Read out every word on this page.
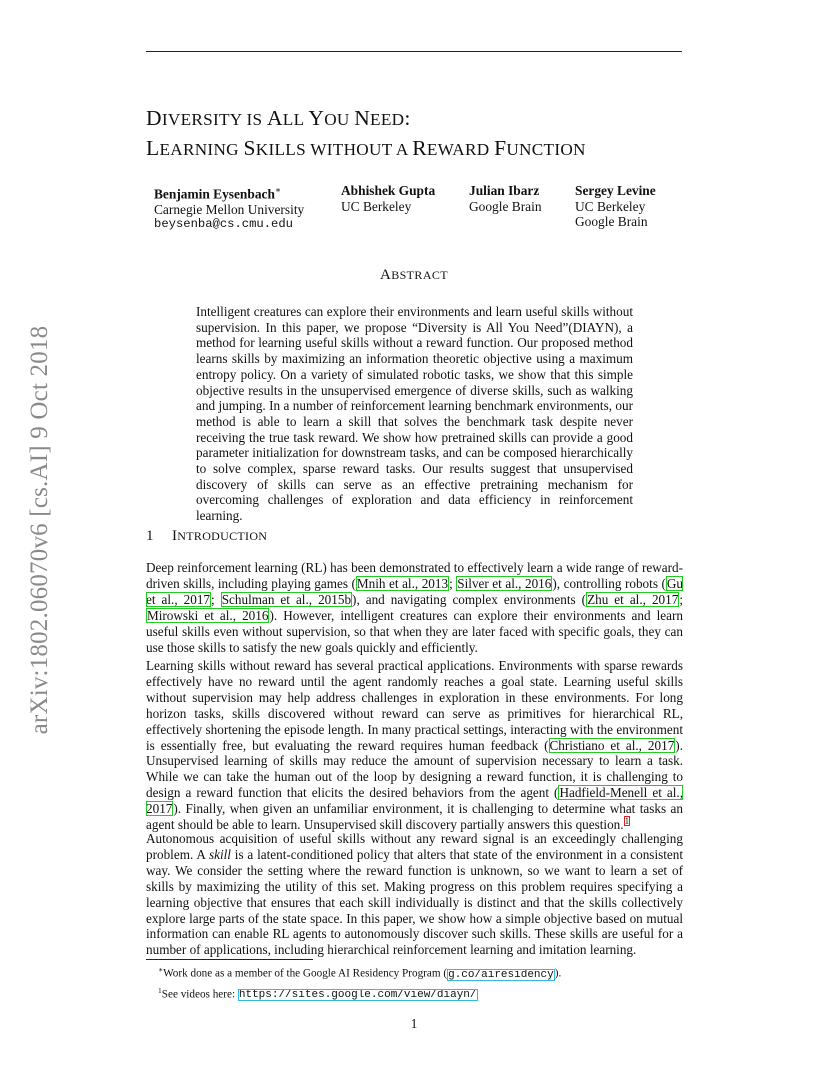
arXiv:1802.06070v6 [cs.AI] 9 Oct 2018
DIVERSITY IS ALL YOU NEED:
LEARNING SKILLS WITHOUT A REWARD FUNCTION
Benjamin Eysenbach∗
Carnegie Mellon University
beysenba@cs.cmu.edu
Abhishek Gupta
UC Berkeley
Julian Ibarz
Google Brain
Sergey Levine
UC Berkeley
Google Brain
ABSTRACT
Intelligent creatures can explore their environments and learn useful skills without supervision. In this paper, we propose “Diversity is All You Need”(DIAYN), a method for learning useful skills without a reward function. Our proposed method learns skills by maximizing an information theoretic objective using a maximum entropy policy. On a variety of simulated robotic tasks, we show that this simple objective results in the unsupervised emergence of diverse skills, such as walking and jumping. In a number of reinforcement learning benchmark environments, our method is able to learn a skill that solves the benchmark task despite never receiving the true task reward. We show how pretrained skills can provide a good parameter initialization for downstream tasks, and can be composed hierarchically to solve complex, sparse reward tasks. Our results suggest that unsupervised discovery of skills can serve as an effective pretraining mechanism for overcoming challenges of exploration and data efficiency in reinforcement learning.
1 INTRODUCTION
Deep reinforcement learning (RL) has been demonstrated to effectively learn a wide range of reward-driven skills, including playing games (Mnih et al., 2013; Silver et al., 2016), controlling robots (Gu et al., 2017; Schulman et al., 2015b), and navigating complex environments (Zhu et al., 2017; Mirowski et al., 2016). However, intelligent creatures can explore their environments and learn useful skills even without supervision, so that when they are later faced with specific goals, they can use those skills to satisfy the new goals quickly and efficiently.
Learning skills without reward has several practical applications. Environments with sparse rewards effectively have no reward until the agent randomly reaches a goal state. Learning useful skills without supervision may help address challenges in exploration in these environments. For long horizon tasks, skills discovered without reward can serve as primitives for hierarchical RL, effectively shortening the episode length. In many practical settings, interacting with the environment is essentially free, but evaluating the reward requires human feedback (Christiano et al., 2017). Unsupervised learning of skills may reduce the amount of supervision necessary to learn a task. While we can take the human out of the loop by designing a reward function, it is challenging to design a reward function that elicits the desired behaviors from the agent (Hadfield-Menell et al., 2017). Finally, when given an unfamiliar environment, it is challenging to determine what tasks an agent should be able to learn. Unsupervised skill discovery partially answers this question.$^1$
Autonomous acquisition of useful skills without any reward signal is an exceedingly challenging problem. A skill is a latent-conditioned policy that alters that state of the environment in a consistent way. We consider the setting where the reward function is unknown, so we want to learn a set of skills by maximizing the utility of this set. Making progress on this problem requires specifying a learning objective that ensures that each skill individually is distinct and that the skills collectively explore large parts of the state space. In this paper, we show how a simple objective based on mutual information can enable RL agents to autonomously discover such skills. These skills are useful for a number of applications, including hierarchical reinforcement learning and imitation learning.
∗Work done as a member of the Google AI Residency Program (g.co/airesidency).
$^1$See videos here: https://sites.google.com/view/diayn/
1
